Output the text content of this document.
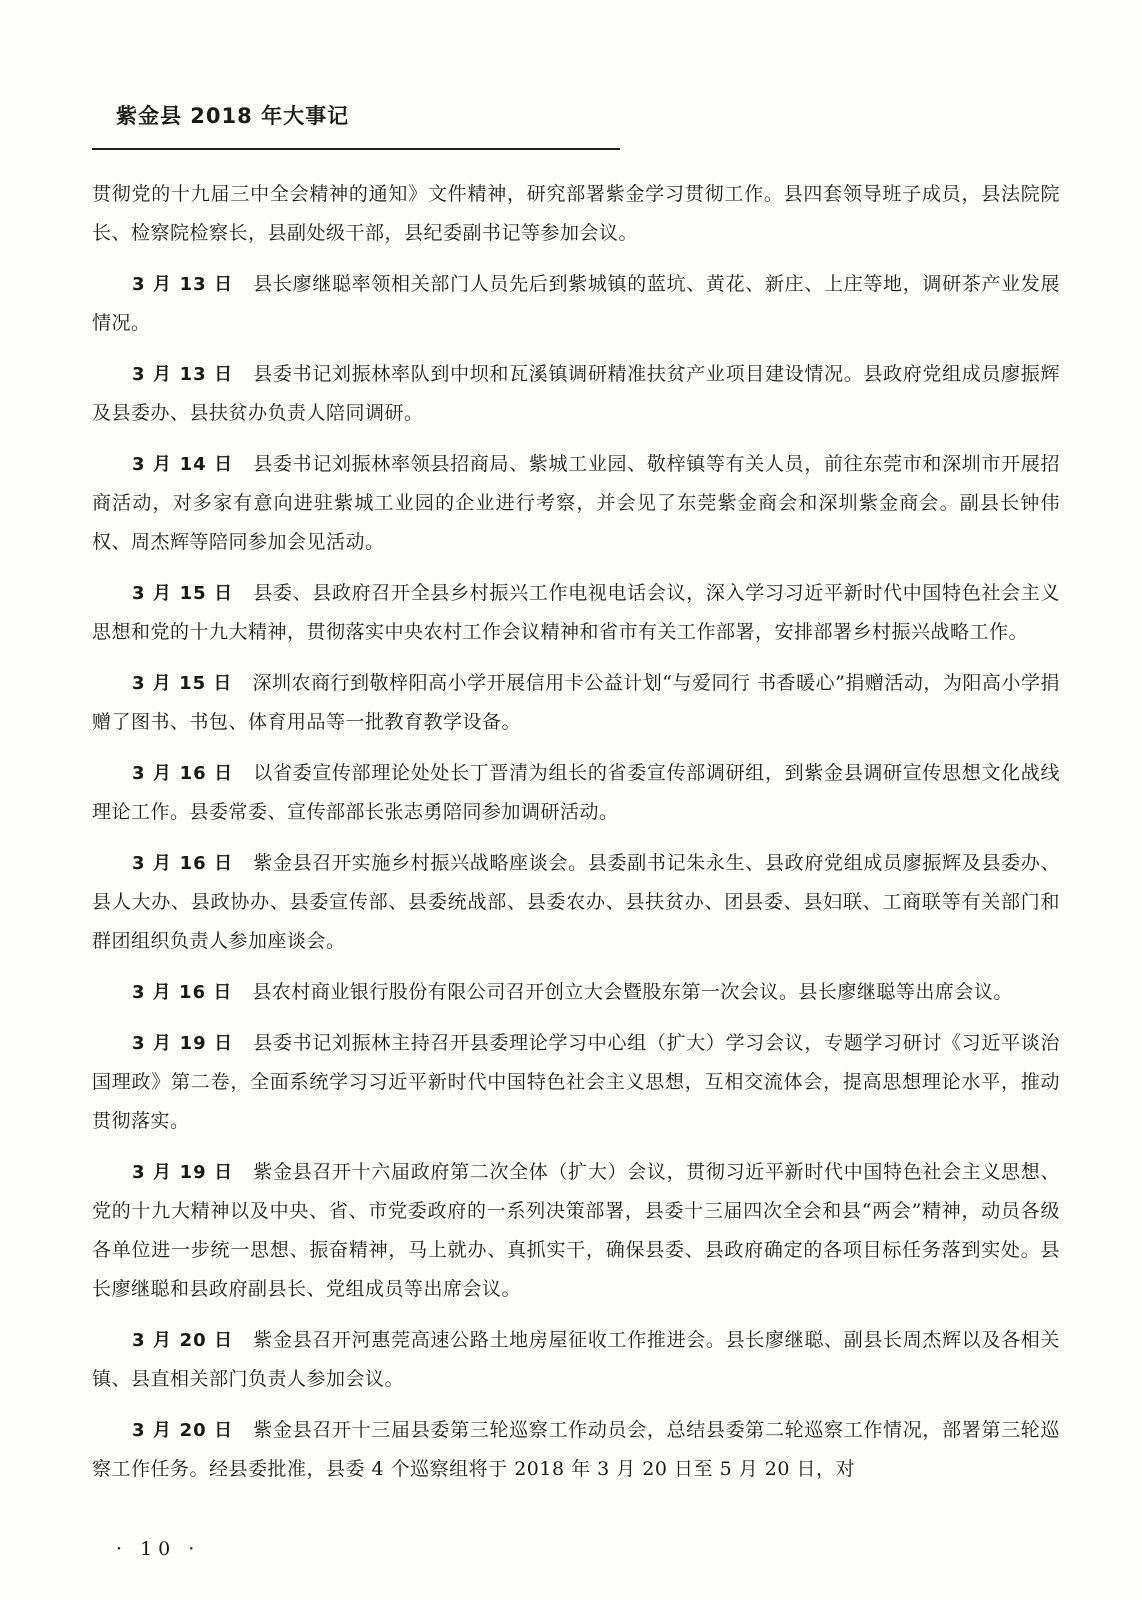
紫金县 2018 年大事记

贯彻党的十九届三中全会精神的通知》文件精神，研究部署紫金学习贯彻工作。县四套领导班子成员，县法院院长、检察院检察长，县副处级干部，县纪委副书记等参加会议。

3 月 13 日 县长廖继聪率领相关部门人员先后到紫城镇的蓝坑、黄花、新庄、上庄等地，调研茶产业发展情况。

3 月 13 日 县委书记刘振林率队到中坝和瓦溪镇调研精准扶贫产业项目建设情况。县政府党组成员廖振辉及县委办、县扶贫办负责人陪同调研。

3 月 14 日 县委书记刘振林率领县招商局、紫城工业园、敬梓镇等有关人员，前往东莞市和深圳市开展招商活动，对多家有意向进驻紫城工业园的企业进行考察，并会见了东莞紫金商会和深圳紫金商会。副县长钟伟权、周杰辉等陪同参加会见活动。

3 月 15 日 县委、县政府召开全县乡村振兴工作电视电话会议，深入学习习近平新时代中国特色社会主义思想和党的十九大精神，贯彻落实中央农村工作会议精神和省市有关工作部署，安排部署乡村振兴战略工作。

3 月 15 日 深圳农商行到敬梓阳高小学开展信用卡公益计划“与爱同行 书香暖心”捐赠活动，为阳高小学捐赠了图书、书包、体育用品等一批教育教学设备。

3 月 16 日 以省委宣传部理论处处长丁晋清为组长的省委宣传部调研组，到紫金县调研宣传思想文化战线理论工作。县委常委、宣传部部长张志勇陪同参加调研活动。

3 月 16 日 紫金县召开实施乡村振兴战略座谈会。县委副书记朱永生、县政府党组成员廖振辉及县委办、县人大办、县政协办、县委宣传部、县委统战部、县委农办、县扶贫办、团县委、县妇联、工商联等有关部门和群团组织负责人参加座谈会。

3 月 16 日 县农村商业银行股份有限公司召开创立大会暨股东第一次会议。县长廖继聪等出席会议。

3 月 19 日 县委书记刘振林主持召开县委理论学习中心组（扩大）学习会议，专题学习研讨《习近平谈治国理政》第二卷，全面系统学习习近平新时代中国特色社会主义思想，互相交流体会，提高思想理论水平，推动贯彻落实。

3 月 19 日 紫金县召开十六届政府第二次全体（扩大）会议，贯彻习近平新时代中国特色社会主义思想、党的十九大精神以及中央、省、市党委政府的一系列决策部署，县委十三届四次全会和县“两会”精神，动员各级各单位进一步统一思想、振奋精神，马上就办、真抓实干，确保县委、县政府确定的各项目标任务落到实处。县长廖继聪和县政府副县长、党组成员等出席会议。

3 月 20 日 紫金县召开河惠莞高速公路土地房屋征收工作推进会。县长廖继聪、副县长周杰辉以及各相关镇、县直相关部门负责人参加会议。

3 月 20 日 紫金县召开十三届县委第三轮巡察工作动员会，总结县委第二轮巡察工作情况，部署第三轮巡察工作任务。经县委批准，县委 4 个巡察组将于 2018 年 3 月 20 日至 5 月 20 日，对

· 10 ·
